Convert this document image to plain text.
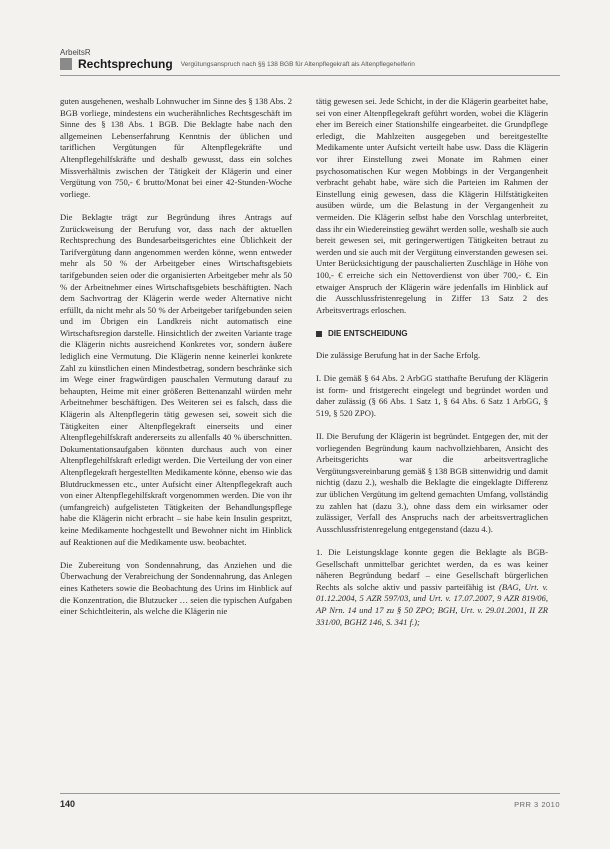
ArbeitsR
Rechtsprechung Vergütungsanspruch nach §§ 138 BGB für Altenpflegekraft als Altenpflegehelferin

guten ausgehenen, weshalb Lohnwucher im Sinne des § 138 Abs. 2 BGB vorliege, mindestens ein wucherähnliches Rechtsgeschäft im Sinne des § 138 Abs. 1 BGB. Die Beklagte habe nach den allgemeinen Lebenserfahrung Kenntnis der üblichen und tariflichen Vergütungen für Altenpflegekräfte und Altenpflegehilfskräfte und deshalb gewusst, dass ein solches Missverhältnis zwischen der Tätigkeit der Klägerin und einer Vergütung von 750,- € brutto/Monat bei einer 42-Stunden-Woche vorliege.

Die Beklagte trägt zur Begründung ihres Antrags auf Zurückweisung der Berufung vor, dass nach der aktuellen Rechtsprechung des Bundesarbeitsgerichtes eine Üblichkeit der Tarifvergütung dann angenommen werden könne, wenn entweder mehr als 50 % der Arbeitgeber eines Wirtschaftsgebiets tarifgebunden seien oder die organisierten Arbeitgeber mehr als 50 % der Arbeitnehmer eines Wirtschaftsgebiets beschäftigten. Nach dem Sachvortrag der Klägerin werde weder Alternative nicht erfüllt, da nicht mehr als 50 % der Arbeitgeber tarifgebunden seien und im Übrigen ein Landkreis nicht automatisch eine Wirtschaftsregion darstelle. Hinsichtlich der zweiten Variante trage die Klägerin nichts ausreichend Konkretes vor, sondern äußere lediglich eine Vermutung. Die Klägerin nenne keinerlei konkrete Zahl zu künstlichen einen Mindestbetrag, sondern beschränke sich im Wege einer fragwürdigen pauschalen Vermutung darauf zu behaupten, Heime mit einer größeren Bettenanzahl würden mehr Arbeitnehmer beschäftigen. Des Weiteren sei es falsch, dass die Klägerin als Altenpflegerin tätig gewesen sei, soweit sich die Tätigkeiten einer Altenpflegekraft einerseits und einer Altenpflegehilfskraft andererseits zu allenfalls 40 % überschnitten. Dokumentationsaufgaben könnten durchaus auch von einer Altenpflegehilfskraft erledigt werden. Die Verteilung der von einer Altenpflegekraft hergestellten Medikamente könne, ebenso wie das Blutdruckmessen etc., unter Aufsicht einer Altenpflegekraft auch von einer Altenpflegehilfskraft vorgenommen werden. Die von ihr (umfangreich) aufgelisteten Tätigkeiten der Behandlungspflege habe die Klägerin nicht erbracht – sie habe kein Insulin gespritzt, keine Medikamente hochgestellt und Bewohner nicht im Hinblick auf Reaktionen auf die Medikamente usw. beobachtet.

Die Zubereitung von Sondennahrung, das Anziehen und die Überwachung der Verabreichung der Sondennahrung, das Anlegen eines Katheters sowie die Beobachtung des Urins im Hinblick auf die Konzentration, die Blutzucker … seien die typischen Aufgaben einer Schichtleiterin, als welche die Klägerin nie

tätig gewesen sei. Jede Schicht, in der die Klägerin gearbeitet habe, sei von einer Altenpflegekraft geführt worden, wobei die Klägerin eher im Bereich einer Stationshilfe eingearbeitet. die Grundpflege erledigt, die Mahlzeiten ausgegeben und bereitgestellte Medikamente unter Aufsicht verteilt habe usw. Dass die Klägerin vor ihrer Einstellung zwei Monate im Rahmen einer psychosomatischen Kur wegen Mobbings in der Vergangenheit verbracht gehabt habe, wäre sich die Parteien im Rahmen der Einstellung einig gewesen, dass die Klägerin Hilfstätigkeiten ausüben würde, um die Belastung in der Vergangenheit zu vermeiden. Die Klägerin selbst habe den Vorschlag unterbreitet, dass ihr ein Wiedereinstieg gewährt werden solle, weshalb sie auch bereit gewesen sei, mit geringerwertigen Tätigkeiten betraut zu werden und sie auch mit der Vergütung einverstanden gewesen sei. Unter Berücksichtigung der pauschalierten Zuschläge in Höhe von 100,- € erreiche sich ein Nettoverdienst von über 700,- €. Ein etwaiger Anspruch der Klägerin wäre jedenfalls im Hinblick auf die Ausschlussfristenregelung in Ziffer 13 Satz 2 des Arbeitsvertrags erloschen.

DIE ENTSCHEIDUNG

Die zulässige Berufung hat in der Sache Erfolg.

I. Die gemäß § 64 Abs. 2 ArbGG statthafte Berufung der Klägerin ist form- und fristgerecht eingelegt und begründet worden und daher zulässig (§ 66 Abs. 1 Satz 1, § 64 Abs. 6 Satz 1 ArbGG, § 519, § 520 ZPO).

II. Die Berufung der Klägerin ist begründet. Entgegen der, mit der vorliegenden Begründung kaum nachvollziehbaren, Ansicht des Arbeitsgerichts war die arbeitsvertragliche Vergütungsvereinbarung gemäß § 138 BGB sittenwidrig und damit nichtig (dazu 2.), weshalb die Beklagte die eingeklagte Differenz zur üblichen Vergütung im geltend gemachten Umfang, vollständig zu zahlen hat (dazu 3.), ohne dass dem ein wirksamer oder zulässiger, Verfall des Anspruchs nach der arbeitsvertraglichen Ausschlussfristenregelung entgegenstand (dazu 4.).

1. Die Leistungsklage konnte gegen die Beklagte als BGB-Gesellschaft unmittelbar gerichtet werden, da es was keiner näheren Begründung bedarf – eine Gesellschaft bürgerlichen Rechts als solche aktiv und passiv parteifähig ist (BAG, Urt. v. 01.12.2004, 5 AZR 597/03, und Urt. v. 17.07.2007, 9 AZR 819/06, AP Nrn. 14 und 17 zu § 50 ZPO; BGH, Urt. v. 29.01.2001, II ZR 331/00, BGHZ 146, S. 341 f.);

140	PRR 3 2010
